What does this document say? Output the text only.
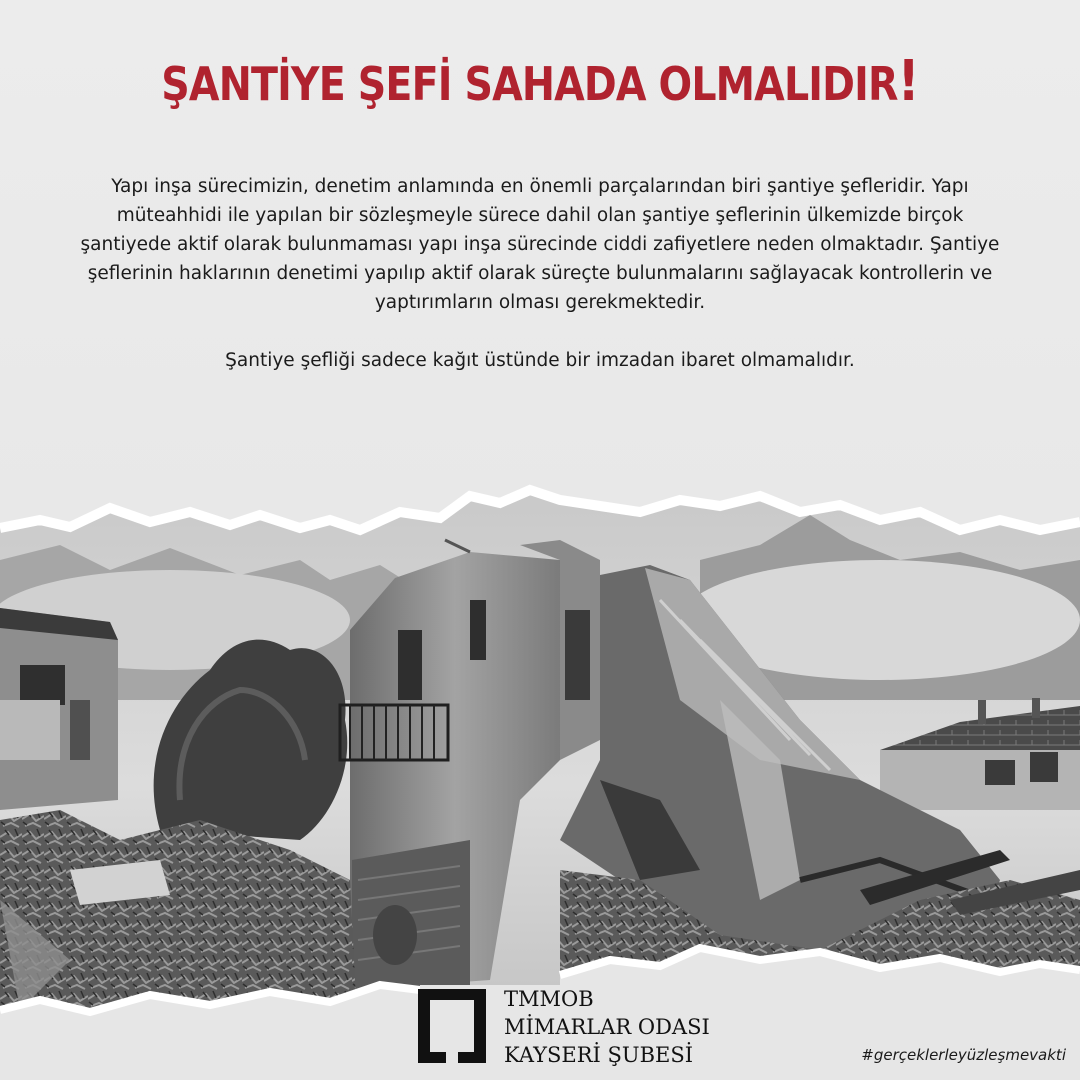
ŞANTİYE ŞEFİ SAHADA OLMALIDIR!

Yapı inşa sürecimizin, denetim anlamında en önemli parçalarından biri şantiye şefleridir. Yapı müteahhidi ile yapılan bir sözleşmeyle sürece dahil olan şantiye şeflerinin ülkemizde birçok şantiyede aktif olarak bulunmaması yapı inşa sürecinde ciddi zafiyetlere neden olmaktadır. Şantiye şeflerinin haklarının denetimi yapılıp aktif olarak süreçte bulunmalarını sağlayacak kontrollerin ve yaptırımların olması gerekmektedir.

Şantiye şefliği sadece kağıt üstünde bir imzadan ibaret olmamalıdır.

TMMOB
MİMARLAR ODASI
KAYSERİ ŞUBESİ	#gerçeklerleyüzleşmevakti
